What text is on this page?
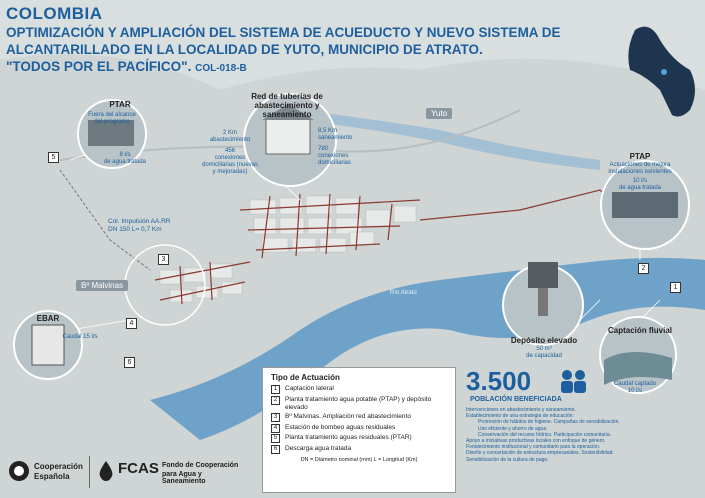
COLOMBIA
OPTIMIZACIÓN Y AMPLIACIÓN DEL SISTEMA DE ACUEDUCTO Y NUEVO SISTEMA DE
ALCANTARILLADO EN LA LOCALIDAD DE YUTO, MUNICIPIO DE ATRATO.
"TODOS POR EL PACÍFICO". COL-018-B
Yuto
Bº Malvinas
Río Atrato
PTAR
Fuera del alcance del programa
8 l/s
de agua tratada
Red de tuberías de abastecimiento y saneamiento
2 Km
abastecimiento
456
conexiones domiciliarias (nuevas y mejoradas)
8,5 Km
saneamiento
780
conexiones domiciliarias
Col. Impulsión AA.RR
DN 150 L= 0,7 Km
PTAP
Actuaciones de mejora instalaciones existentes
10 l/s
de agua tratada
EBAR
Caudal 15 l/s	Depósito elevado
50 m³
de capacidad
Captación fluvial
Caudal captado
10 l/s
1
2
3
4
5
6
Tipo de Actuación
1	Captación lateral
2	Planta tratamiento agua potable (PTAP) y depósito elevado
3	Bº Malvinas. Ampliación red abastecimiento
4	Estación de bombeo aguas residuales
5	Planta tratamiento aguas residuales (PTAR)
6	Descarga agua tratada
DN = Diámetro nominal (mm) L = Longitud (Km)
3.500
POBLACIÓN BENEFICIADA
Intervenciones en abastecimiento y saneamiento.
Establecimiento de una estrategia de educación:
Promoción de hábitos de higiene. Campañas de sensibilización.
Uso eficiente y ahorro de agua.
Conservación del recurso hídrico. Participación comunitaria.
Apoyo a iniciativas productivas locales con enfoque de género.
Fortalecimiento institucional y comunitario para la operación.
Diseño y concertación de estructura empresariales. Sostenibilidad.
Sensibilización de la cultura de pago.
Cooperación
Española	FCAS Fondo de Cooperación
para Agua y Saneamiento
